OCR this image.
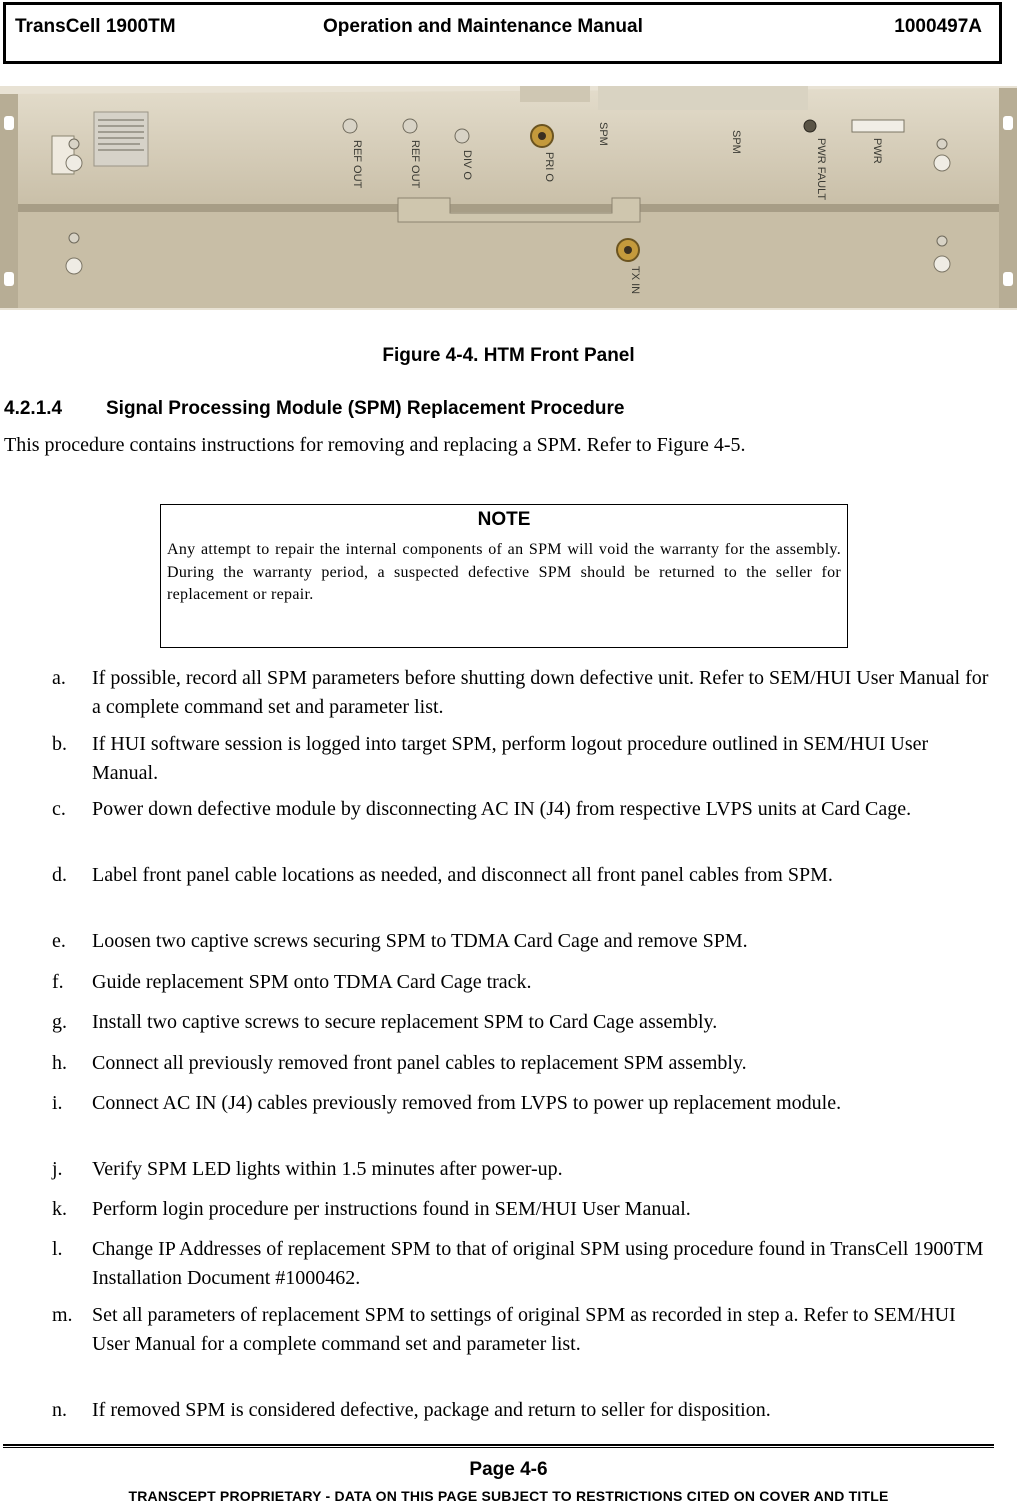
TransCell 1900TM	Operation and Maintenance Manual	1000497A
REF OUT	REF OUT	DIV O	PRI O
SPM	SPM	PWR FAULT	PWR
TX IN
Figure 4-4. HTM Front Panel
4.2.1.4 Signal Processing Module (SPM) Replacement Procedure
This procedure contains instructions for removing and replacing a SPM. Refer to Figure 4-5.
NOTE
Any attempt to repair the internal components of an SPM will void the warranty for the assembly. During the warranty period, a suspected defective SPM should be returned to the seller for replacement or repair.
a. If possible, record all SPM parameters before shutting down defective unit. Refer to SEM/HUI User Manual for a complete command set and parameter list.
b. If HUI software session is logged into target SPM, perform logout procedure outlined in SEM/HUI User Manual.
c. Power down defective module by disconnecting AC IN (J4) from respective LVPS units at Card Cage.
d. Label front panel cable locations as needed, and disconnect all front panel cables from SPM.
e. Loosen two captive screws securing SPM to TDMA Card Cage and remove SPM.
f. Guide replacement SPM onto TDMA Card Cage track.
g. Install two captive screws to secure replacement SPM to Card Cage assembly.
h. Connect all previously removed front panel cables to replacement SPM assembly.
i. Connect AC IN (J4) cables previously removed from LVPS to power up replacement module.
j. Verify SPM LED lights within 1.5 minutes after power-up.
k. Perform login procedure per instructions found in SEM/HUI User Manual.
l. Change IP Addresses of replacement SPM to that of original SPM using procedure found in TransCell 1900TM Installation Document #1000462.
m. Set all parameters of replacement SPM to settings of original SPM as recorded in step a. Refer to SEM/HUI User Manual for a complete command set and parameter list.
n. If removed SPM is considered defective, package and return to seller for disposition.
Page 4-6
TRANSCEPT PROPRIETARY - DATA ON THIS PAGE SUBJECT TO RESTRICTIONS CITED ON COVER AND TITLE
